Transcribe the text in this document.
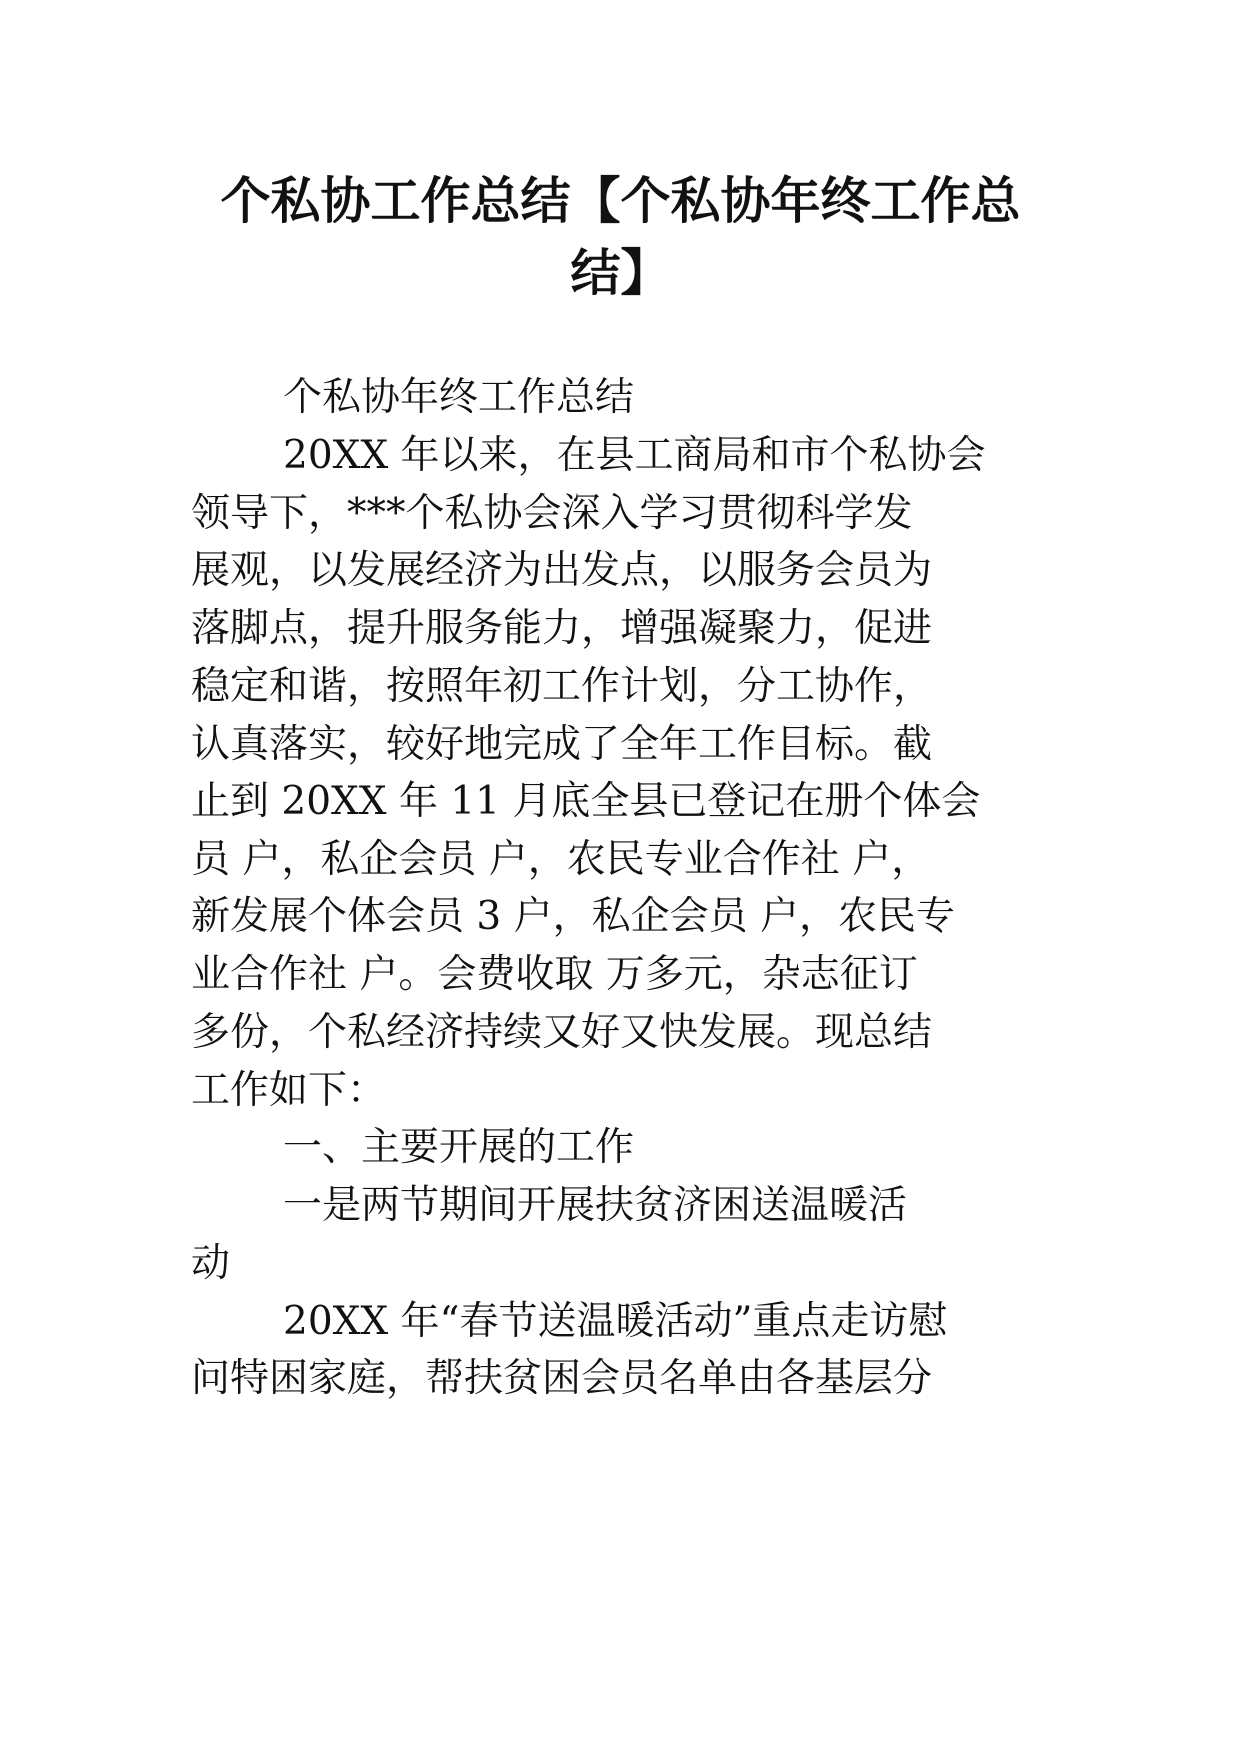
个私协工作总结【个私协年终工作总
结】

个私协年终工作总结

20XX 年以来，在县工商局和市个私协会

领导下，***个私协会深入学习贯彻科学发

展观，以发展经济为出发点，以服务会员为

落脚点，提升服务能力，增强凝聚力，促进

稳定和谐，按照年初工作计划，分工协作，

认真落实，较好地完成了全年工作目标。截

止到 20XX 年 11 月底全县已登记在册个体会

员 户，私企会员 户，农民专业合作社 户，

新发展个体会员 3 户，私企会员 户，农民专

业合作社 户。会费收取 万多元，杂志征订

多份，个私经济持续又好又快发展。现总结

工作如下：

一、主要开展的工作

一是两节期间开展扶贫济困送温暖活

动

20XX 年“春节送温暖活动”重点走访慰

问特困家庭，帮扶贫困会员名单由各基层分
